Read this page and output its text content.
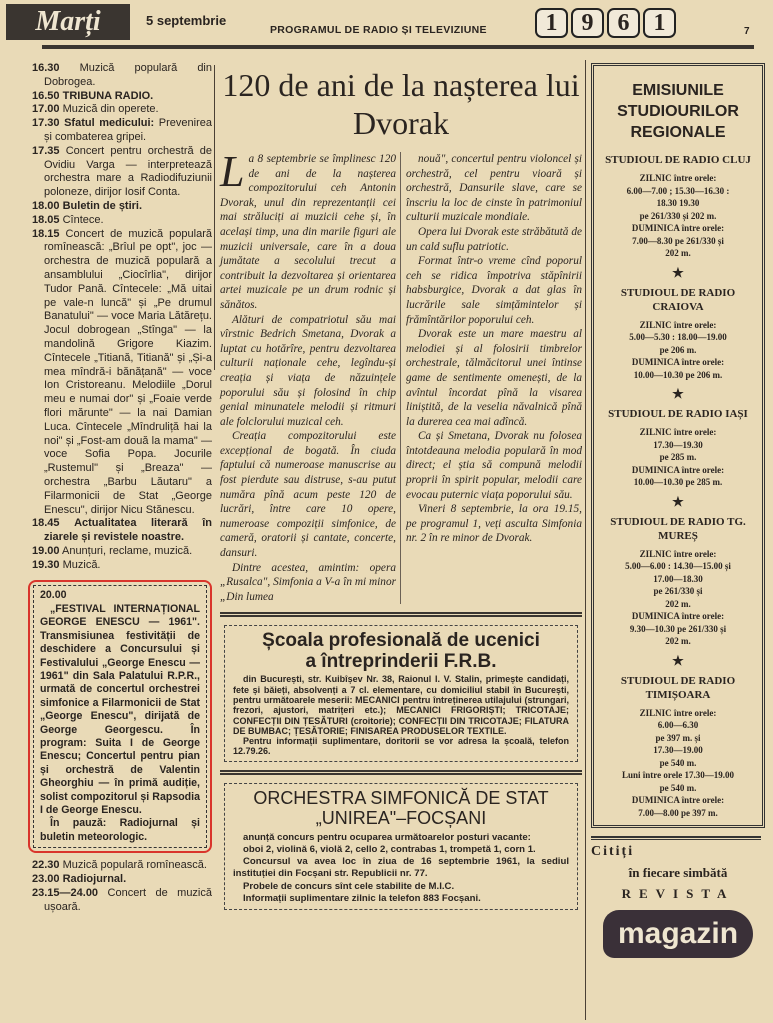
Marți	5 septembrie
PROGRAMUL DE RADIO ȘI TELEVIZIUNE	1	9	6	1	7
16.30 Muzică populară din Dobrogea.
16.50 TRIBUNA RADIO.
17.00 Muzică din operete.
17.30 Sfatul medicului: Prevenirea și combaterea gripei.
17.35 Concert pentru orchestră de Ovidiu Varga — interpretează orchestra mare a Radiodifuziunii poloneze, dirijor Iosif Conta.
18.00 Buletin de știri.
18.05 Cîntece.
18.15 Concert de muzică populară romînească: „Brîul pe opt", joc — orchestra de muzică populară a ansamblului „Ciocîrlia", dirijor Tudor Pană. Cîntecele: „Mă uitai pe vale-n luncă" și „Pe drumul Banatului" — voce Maria Lătărețu. Jocul dobrogean „Stînga" — la mandolină Grigore Kiazim. Cîntecele „Titiană, Titiană" și „Și-a mea mîndră-i bănățană" — voce Ion Cristoreanu. Melodiile „Dorul meu e numai dor" și „Foaie verde flori mărunte" — la nai Damian Luca. Cîntecele „Mîndruliță hai la noi" și „Fost-am două la mama" — voce Sofia Popa. Jocurile „Rustemul" și „Breaza" — orchestra „Barbu Lăutaru" a Filarmonicii de Stat „George Enescu", dirijor Nicu Stănescu.
18.45 Actualitatea literară în ziarele și revistele noastre.
19.00 Anunțuri, reclame, muzică.
19.30 Muzică.
20.00
„FESTIVAL INTERNAȚIONAL GEORGE ENESCU — 1961". Transmisiunea festivității de deschidere a Concursului și Festivalului „George Enescu — 1961" din Sala Palatului R.P.R., urmată de concertul orchestrei simfonice a Filarmonicii de Stat „George Enescu", dirijată de George Georgescu. În program: Suita I de George Enescu; Concertul pentru pian și orchestră de Valentin Gheorghiu — în primă audiție, solist compozitorul și Rapsodia I de George Enescu.
În pauză: Radiojurnal și buletin meteorologic.
22.30 Muzică populară romînească.
23.00 Radiojurnal.
23.15—24.00 Concert de muzică ușoară.
120 de ani de la nașterea lui Dvorak

La 8 septembrie se împlinesc 120 de ani de la nașterea compozitorului ceh Antonin Dvorak, unul din reprezentanții cei mai străluciți ai muzicii cehe și, în același timp, una din marile figuri ale muzicii universale, care în a doua jumătate a secolului trecut a contribuit la dezvoltarea și orientarea artei muzicale pe un drum rodnic și sănătos.

Alături de compatriotul său mai vîrstnic Bedrich Smetana, Dvorak a luptat cu hotărîre, pentru dezvoltarea culturii naționale cehe, legîndu-și creația și viața de năzuințele poporului său și folosind în chip genial minunatele melodii și ritmuri ale folclorului muzical ceh.

Creația compozitorului este excepțional de bogată. În ciuda faptului că numeroase manuscrise au fost pierdute sau distruse, s-au putut număra pînă acum peste 120 de lucrări, între care 10 opere, numeroase compoziții simfonice, de cameră, oratorii și cantate, concerte, dansuri.

Dintre acestea, amintim: opera „Rusalca", Simfonia a V-a în mi minor „Din lumea

nouă", concertul pentru violoncel și orchestră, cel pentru vioară și orchestră, Dansurile slave, care se înscriu la loc de cinste în patrimoniul culturii muzicale mondiale.

Opera lui Dvorak este străbătută de un cald suflu patriotic.

Format într-o vreme cînd poporul ceh se ridica împotriva stăpînirii habsburgice, Dvorak a dat glas în lucrările sale simțămintelor și frămîntărilor poporului ceh.

Dvorak este un mare maestru al melodiei și al folosirii timbrelor orchestrale, tălmăcitorul unei întinse game de sentimente omenești, de la avîntul încordat pînă la visarea liniștită, de la veselia năvalnică pînă la durerea cea mai adîncă.

Ca și Smetana, Dvorak nu folosea întotdeauna melodia populară în mod direct; el știa să compună melodii proprii în spirit popular, melodii care evocau puternic viața poporului său.

Vineri 8 septembrie, la ora 19.15, pe programul 1, veți asculta Simfonia nr. 2 în re minor de Dvorak.

Școala profesională de ucenici
a întreprinderii F.R.B.

din București, str. Kuibîșev Nr. 38, Raionul I. V. Stalin, primește candidați, fete și băieți, absolvenți a 7 cl. elementare, cu domiciliul stabil în București, pentru următoarele meserii: MECANICI pentru întreținerea utilajului (strungari, frezori, ajustori, matrițeri etc.); MECANICI FRIGORIȘTI; TRICOTAJE; CONFECȚII DIN ȚESĂTURI (croitorie); CONFECȚII DIN TRICOTAJE; FILATURA DE BUMBAC; ȚESĂTORIE; FINISAREA PRODUSELOR TEXTILE.

Pentru informații suplimentare, doritorii se vor adresa la școală, telefon 12.79.26.

ORCHESTRA SIMFONICĂ DE STAT
„UNIREA"–FOCȘANI

anunță concurs pentru ocuparea următoarelor posturi vacante:

oboi 2, violină 6, violă 2, cello 2, contrabas 1, trompetă 1, corn 1.

Concursul va avea loc în ziua de 16 septembrie 1961, la sediul instituției din Focșani str. Republicii nr. 77.

Probele de concurs sînt cele stabilite de M.I.C.

Informații suplimentare zilnic la telefon 883 Focșani.

EMISIUNILE STUDIOURILOR REGIONALE
STUDIOUL DE RADIO CLUJ
ZILNIC între orele:
6.00—7.00 ; 15.30—16.30 :
18.30 19.30
pe 261/330 și 202 m.
DUMINICA între orele:
7.00—8.30 pe 261/330 și
202 m.
★
STUDIOUL DE RADIO CRAIOVA
ZILNIC între orele:
5.00—5.30 : 18.00—19.00
pe 206 m.
DUMINICA între orele:
10.00—10.30 pe 206 m.
★
STUDIOUL DE RADIO IAȘI
ZILNIC între orele:
17.30—19.30
pe 285 m.
DUMINICA între orele:
10.00—10.30 pe 285 m.
★
STUDIOUL DE RADIO TG. MUREȘ
ZILNIC între orele:
5.00—6.00 : 14.30—15.00 și
17.00—18.30
pe 261/330 și
202 m.
DUMINICA între orele:
9.30—10.30 pe 261/330 și
202 m.
★
STUDIOUL DE RADIO TIMIȘOARA
ZILNIC între orele:
6.00—6.30
pe 397 m. și
17.30—19.00
pe 540 m.
Luni între orele 17.30—19.00
pe 540 m.
DUMINICA între orele:
7.00—8.00 pe 397 m.
Citiți
în fiecare simbătă
REVISTA
magazin
